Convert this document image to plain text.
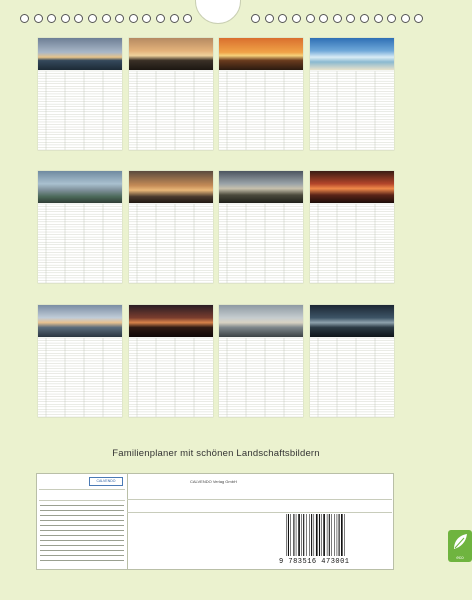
Familienplaner mit schönen Landschaftsbildern
CALVENDO	CALVENDO Verlag GmbH
9 783516 473001
eco
